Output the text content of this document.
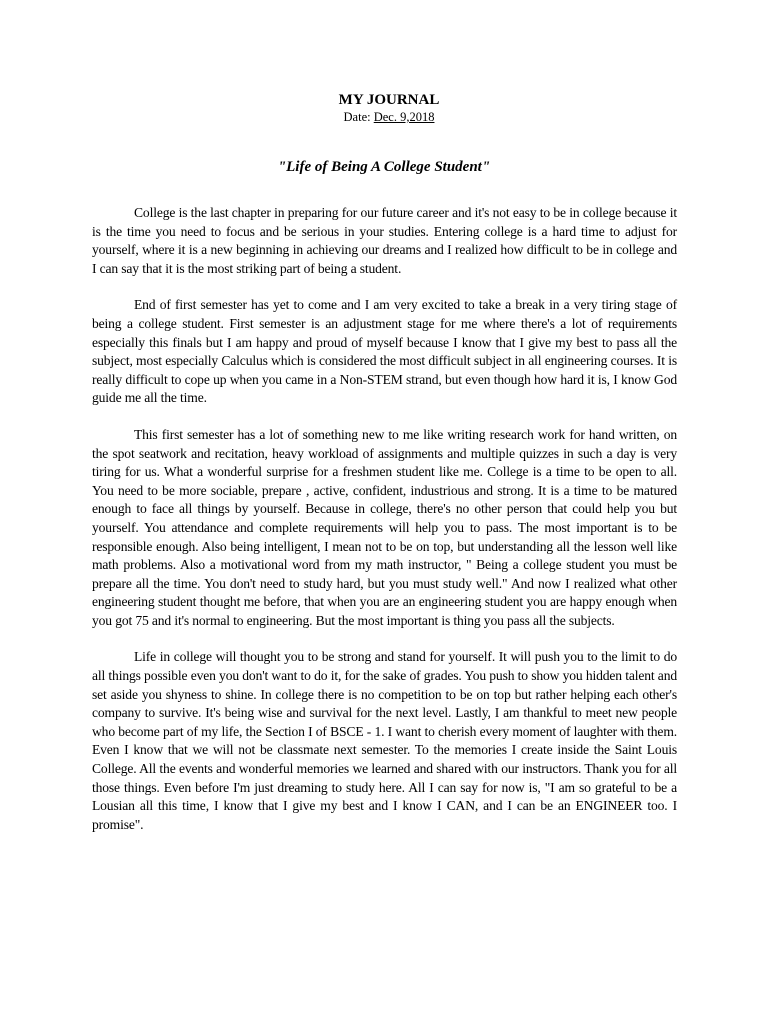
MY JOURNAL

Date: Dec. 9,2018

"Life of Being A College Student"

College is the last chapter in preparing for our future career and it's not easy to be in college because it is the time you need to focus and be serious in your studies. Entering college is a hard time to adjust for yourself, where it is a new beginning in achieving our dreams and I realized how difficult to be in college and I can say that it is the most striking part of being a student.

End of first semester has yet to come and I am very excited to take a break in a very tiring stage of being a college student. First semester is an adjustment stage for me where there's a lot of requirements especially this finals but I am happy and proud of myself because I know that I give my best to pass all the subject, most especially Calculus which is considered the most difficult subject in all engineering courses. It is really difficult to cope up when you came in a Non-STEM strand, but even though how hard it is, I know God guide me all the time.

This first semester has a lot of something new to me like writing research work for hand written, on the spot seatwork and recitation, heavy workload of assignments and multiple quizzes in such a day is very tiring for us. What a wonderful surprise for a freshmen student like me. College is a time to be open to all. You need to be more sociable, prepare , active, confident, industrious and strong. It is a time to be matured enough to face all things by yourself. Because in college, there's no other person that could help you but yourself. You attendance and complete requirements will help you to pass. The most important is to be responsible enough. Also being intelligent, I mean not to be on top, but understanding all the lesson well like math problems. Also a motivational word from my math instructor, " Being a college student you must be prepare all the time. You don't need to study hard, but you must study well." And now I realized what other engineering student thought me before, that when you are an engineering student you are happy enough when you got 75 and it's normal to engineering. But the most important is thing you pass all the subjects.

Life in college will thought you to be strong and stand for yourself. It will push you to the limit to do all things possible even you don't want to do it, for the sake of grades. You push to show you hidden talent and set aside you shyness to shine. In college there is no competition to be on top but rather helping each other's company to survive. It's being wise and survival for the next level. Lastly, I am thankful to meet new people who become part of my life, the Section I of BSCE - 1. I want to cherish every moment of laughter with them. Even I know that we will not be classmate next semester. To the memories I create inside the Saint Louis College. All the events and wonderful memories we learned and shared with our instructors. Thank you for all those things. Even before I'm just dreaming to study here. All I can say for now is, "I am so grateful to be a Lousian all this time, I know that I give my best and I know I CAN, and I can be an ENGINEER too. I promise".
